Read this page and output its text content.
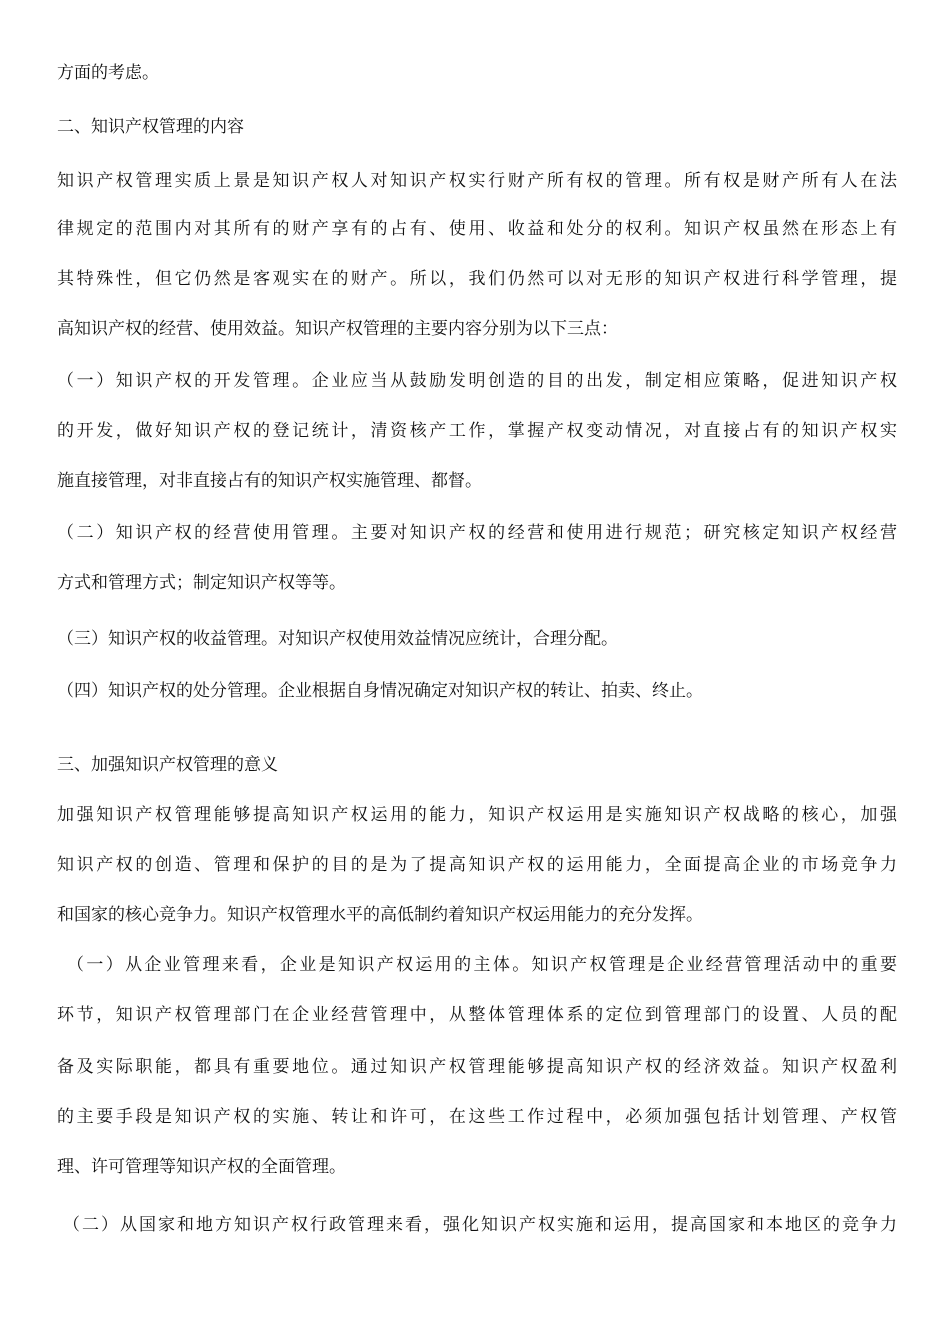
方面的考虑。
二、知识产权管理的内容
知识产权管理实质上景是知识产权人对知识产权实行财产所有权的管理。所有权是财产所有人在法
律规定的范围内对其所有的财产享有的占有、使用、收益和处分的权利。知识产权虽然在形态上有
其特殊性，但它仍然是客观实在的财产。所以，我们仍然可以对无形的知识产权进行科学管理，提
高知识产权的经营、使用效益。知识产权管理的主要内容分别为以下三点：
（一）知识产权的开发管理。企业应当从鼓励发明创造的目的出发，制定相应策略，促进知识产权
的开发，做好知识产权的登记统计，清资核产工作，掌握产权变动情况，对直接占有的知识产权实
施直接管理，对非直接占有的知识产权实施管理、都督。
（二）知识产权的经营使用管理。主要对知识产权的经营和使用进行规范；研究核定知识产权经营
方式和管理方式；制定知识产权等等。
（三）知识产权的收益管理。对知识产权使用效益情况应统计，合理分配。
（四）知识产权的处分管理。企业根据自身情况确定对知识产权的转让、拍卖、终止。
三、加强知识产权管理的意义
加强知识产权管理能够提高知识产权运用的能力，知识产权运用是实施知识产权战略的核心，加强
知识产权的创造、管理和保护的目的是为了提高知识产权的运用能力，全面提高企业的市场竞争力
和国家的核心竞争力。知识产权管理水平的高低制约着知识产权运用能力的充分发挥。
（一）从企业管理来看，企业是知识产权运用的主体。知识产权管理是企业经营管理活动中的重要
环节，知识产权管理部门在企业经营管理中，从整体管理体系的定位到管理部门的设置、人员的配
备及实际职能，都具有重要地位。通过知识产权管理能够提高知识产权的经济效益。知识产权盈利
的主要手段是知识产权的实施、转让和许可，在这些工作过程中，必须加强包括计划管理、产权管
理、许可管理等知识产权的全面管理。
（二）从国家和地方知识产权行政管理来看，强化知识产权实施和运用，提高国家和本地区的竞争力
